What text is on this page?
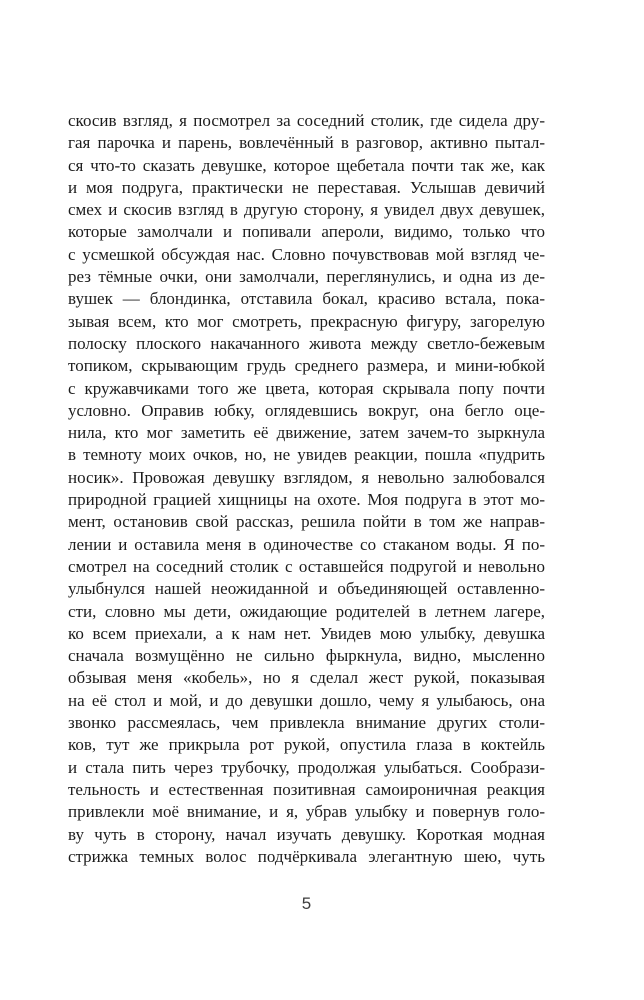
скосив взгляд, я посмотрел за соседний столик, где сидела дру-
гая парочка и парень, вовлечённый в разговор, активно пытал-
ся что-то сказать девушке, которое щебетала почти так же, как
и моя подруга, практически не переставая. Услышав девичий
смех и скосив взгляд в другую сторону, я увидел двух девушек,
которые замолчали и попивали апероли, видимо, только что
с усмешкой обсуждая нас. Словно почувствовав мой взгляд че-
рез тёмные очки, они замолчали, переглянулись, и одна из де-
вушек — блондинка, отставила бокал, красиво встала, пока-
зывая всем, кто мог смотреть, прекрасную фигуру, загорелую
полоску плоского накачанного живота между светло-бежевым
топиком, скрывающим грудь среднего размера, и мини-юбкой
с кружавчиками того же цвета, которая скрывала попу почти
условно. Оправив юбку, оглядевшись вокруг, она бегло оце-
нила, кто мог заметить её движение, затем зачем-то зыркнула
в темноту моих очков, но, не увидев реакции, пошла «пудрить
носик». Провожая девушку взглядом, я невольно залюбовался
природной грацией хищницы на охоте. Моя подруга в этот мо-
мент, остановив свой рассказ, решила пойти в том же направ-
лении и оставила меня в одиночестве со стаканом воды. Я по-
смотрел на соседний столик с оставшейся подругой и невольно
улыбнулся нашей неожиданной и объединяющей оставленно-
сти, словно мы дети, ожидающие родителей в летнем лагере,
ко всем приехали, а к нам нет. Увидев мою улыбку, девушка
сначала возмущённо не сильно фыркнула, видно, мысленно
обзывая меня «кобель», но я сделал жест рукой, показывая
на её стол и мой, и до девушки дошло, чему я улыбаюсь, она
звонко рассмеялась, чем привлекла внимание других столи-
ков, тут же прикрыла рот рукой, опустила глаза в коктейль
и стала пить через трубочку, продолжая улыбаться. Сообрази-
тельность и естественная позитивная самоироничная реакция
привлекли моё внимание, и я, убрав улыбку и повернув голо-
ву чуть в сторону, начал изучать девушку. Короткая модная
стрижка темных волос подчёркивала элегантную шею, чуть
5
